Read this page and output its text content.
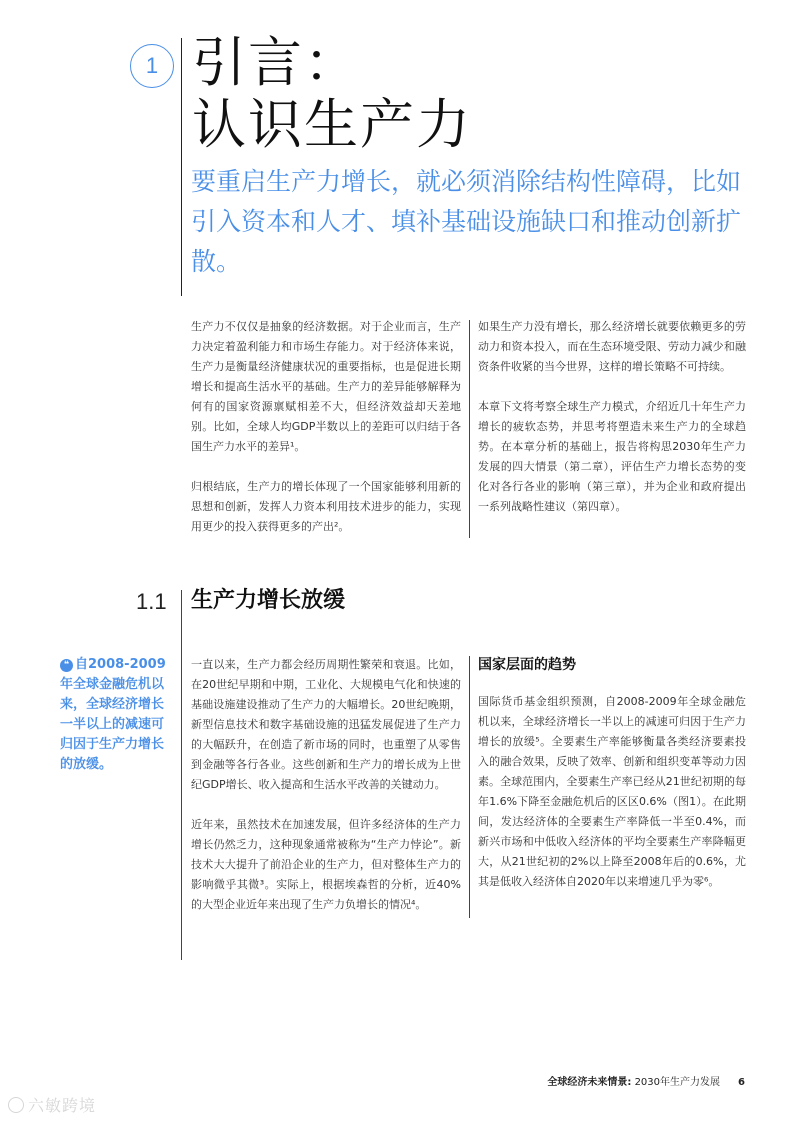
1 引言：
认识生产力

要重启生产力增长，就必须消除结构性障碍，比如引入资本和人才、填补基础设施缺口和推动创新扩散。

生产力不仅仅是抽象的经济数据。对于企业而言，生产力决定着盈利能力和市场生存能力。对于经济体来说，生产力是衡量经济健康状况的重要指标，也是促进长期增长和提高生活水平的基础。生产力的差异能够解释为何有的国家资源禀赋相差不大，但经济效益却天差地别。比如，全球人均GDP半数以上的差距可以归结于各国生产力水平的差异¹。

归根结底，生产力的增长体现了一个国家能够利用新的思想和创新，发挥人力资本利用技术进步的能力，实现用更少的投入获得更多的产出²。

如果生产力没有增长，那么经济增长就要依赖更多的劳动力和资本投入，而在生态环境受限、劳动力减少和融资条件收紧的当今世界，这样的增长策略不可持续。

本章下文将考察全球生产力模式，介绍近几十年生产力增长的疲软态势，并思考将塑造未来生产力的全球趋势。在本章分析的基础上，报告将构思2030年生产力发展的四大情景（第二章），评估生产力增长态势的变化对各行各业的影响（第三章），并为企业和政府提出一系列战略性建议（第四章）。

1.1 生产力增长放缓

❝ 自2008-2009年全球金融危机以来，全球经济增长一半以上的减速可归因于生产力增长的放缓。

一直以来，生产力都会经历周期性繁荣和衰退。比如，在20世纪早期和中期，工业化、大规模电气化和快速的基础设施建设推动了生产力的大幅增长。20世纪晚期，新型信息技术和数字基础设施的迅猛发展促进了生产力的大幅跃升，在创造了新市场的同时，也重塑了从零售到金融等各行各业。这些创新和生产力的增长成为上世纪GDP增长、收入提高和生活水平改善的关键动力。

近年来，虽然技术在加速发展，但许多经济体的生产力增长仍然乏力，这种现象通常被称为“生产力悖论”。新技术大大提升了前沿企业的生产力，但对整体生产力的影响微乎其微³。实际上，根据埃森哲的分析，近40%的大型企业近年来出现了生产力负增长的情况⁴。

国家层面的趋势

国际货币基金组织预测，自2008-2009年全球金融危机以来，全球经济增长一半以上的减速可归因于生产力增长的放缓⁵。全要素生产率能够衡量各类经济要素投入的融合效果，反映了效率、创新和组织变革等动力因素。全球范围内，全要素生产率已经从21世纪初期的每年1.6%下降至金融危机后的区区0.6%（图1）。在此期间，发达经济体的全要素生产率降低一半至0.4%，而新兴市场和中低收入经济体的平均全要素生产率降幅更大，从21世纪初的2%以上降至2008年后的0.6%，尤其是低收入经济体自2020年以来增速几乎为零⁶。

全球经济未来情景: 2030年生产力发展 6
六敏跨境
